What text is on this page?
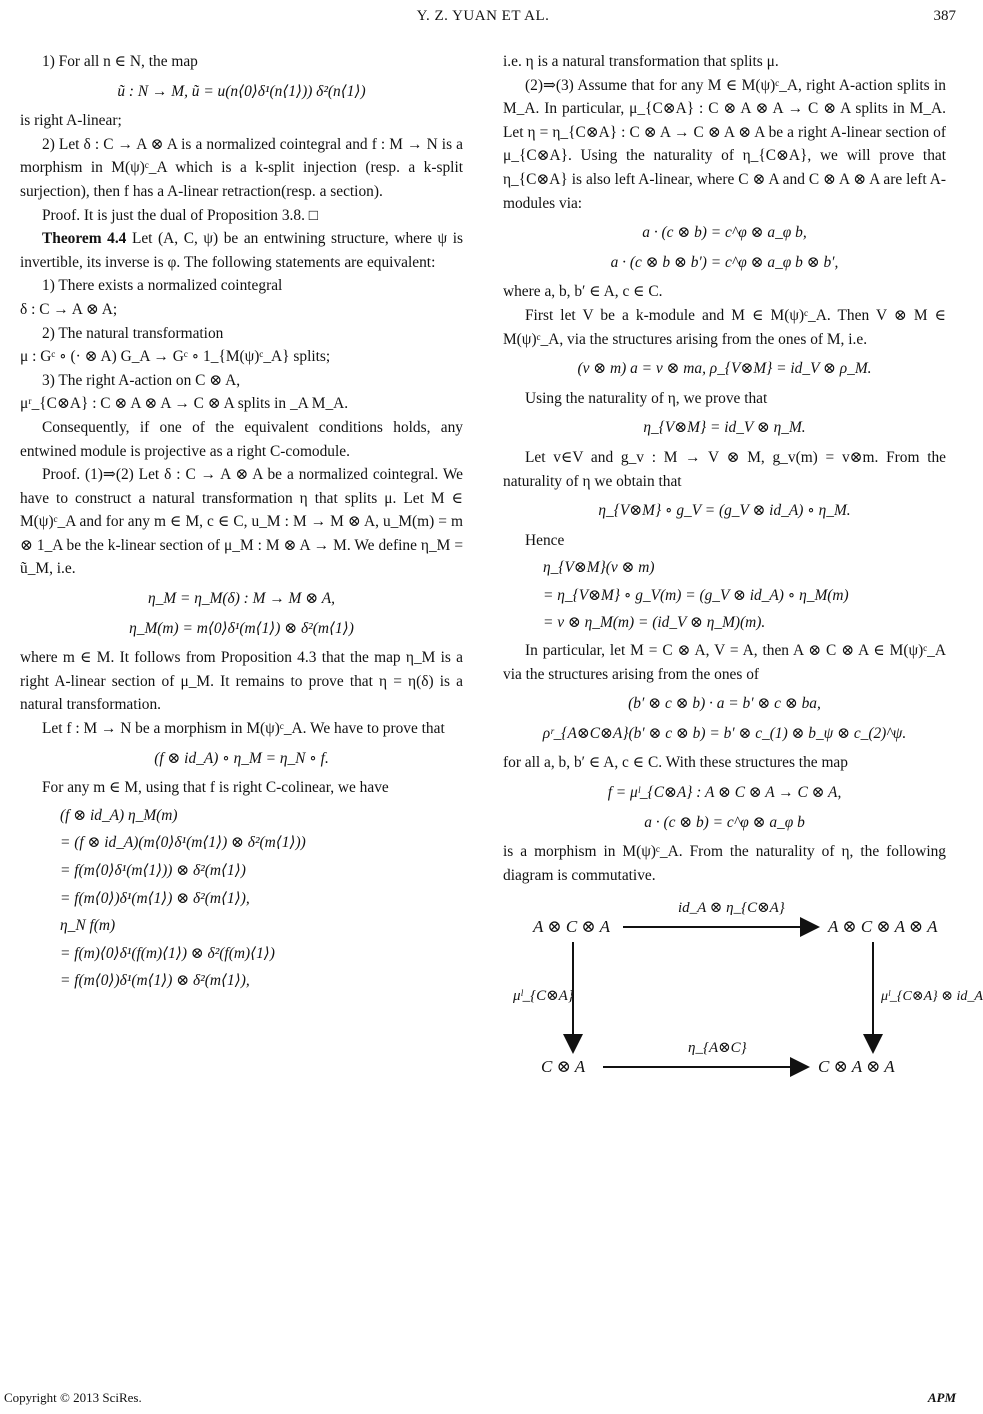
Y. Z. YUAN ET AL.	387

1) For all n ∈ N, the map

ũ : N → M, ũ = u(n⟨0⟩δ¹(n⟨1⟩)) δ²(n⟨1⟩)

is right A-linear;

2) Let δ : C → A ⊗ A is a normalized cointegral and f : M → N is a morphism in M(ψ)ᶜ_A which is a k-split injection (resp. a k-split surjection), then f has a A-linear retraction(resp. a section).

Proof. It is just the dual of Proposition 3.8. □

Theorem 4.4 Let (A, C, ψ) be an entwining structure, where ψ is invertible, its inverse is φ. The following statements are equivalent:

1) There exists a normalized cointegral

δ : C → A ⊗ A;

2) The natural transformation

μ : Gᶜ ∘ (· ⊗ A) G_A → Gᶜ ∘ 1_{M(ψ)ᶜ_A} splits;

3) The right A-action on C ⊗ A,

μʳ_{C⊗A} : C ⊗ A ⊗ A → C ⊗ A splits in _A M_A.

Consequently, if one of the equivalent conditions holds, any entwined module is projective as a right C-comodule.

Proof. (1)⇒(2) Let δ : C → A ⊗ A be a normalized cointegral. We have to construct a natural transformation η that splits μ. Let M ∈ M(ψ)ᶜ_A and for any m ∈ M, c ∈ C, u_M : M → M ⊗ A, u_M(m) = m ⊗ 1_A be the k-linear section of μ_M : M ⊗ A → M. We define η_M = ũ_M, i.e.

η_M = η_M(δ) : M → M ⊗ A,

η_M(m) = m⟨0⟩δ¹(m⟨1⟩) ⊗ δ²(m⟨1⟩)

where m ∈ M. It follows from Proposition 4.3 that the map η_M is a right A-linear section of μ_M. It remains to prove that η = η(δ) is a natural transformation.

Let f : M → N be a morphism in M(ψ)ᶜ_A. We have to prove that

(f ⊗ id_A) ∘ η_M = η_N ∘ f.

For any m ∈ M, using that f is right C-colinear, we have

(f ⊗ id_A) η_M(m)

= (f ⊗ id_A)(m⟨0⟩δ¹(m⟨1⟩) ⊗ δ²(m⟨1⟩))

= f(m⟨0⟩δ¹(m⟨1⟩)) ⊗ δ²(m⟨1⟩)

= f(m⟨0⟩)δ¹(m⟨1⟩) ⊗ δ²(m⟨1⟩),

η_N f(m)

= f(m)⟨0⟩δ¹(f(m)⟨1⟩) ⊗ δ²(f(m)⟨1⟩)

= f(m⟨0⟩)δ¹(m⟨1⟩) ⊗ δ²(m⟨1⟩),

i.e. η is a natural transformation that splits μ.

(2)⇒(3) Assume that for any M ∈ M(ψ)ᶜ_A, right A-action splits in M_A. In particular, μ_{C⊗A} : C ⊗ A ⊗ A → C ⊗ A splits in M_A. Let η = η_{C⊗A} : C ⊗ A → C ⊗ A ⊗ A be a right A-linear section of μ_{C⊗A}. Using the naturality of η_{C⊗A}, we will prove that η_{C⊗A} is also left A-linear, where C ⊗ A and C ⊗ A ⊗ A are left A-modules via:

a · (c ⊗ b) = c^φ ⊗ a_φ b,

a · (c ⊗ b ⊗ b′) = c^φ ⊗ a_φ b ⊗ b′,

where a, b, b′ ∈ A, c ∈ C.

First let V be a k-module and M ∈ M(ψ)ᶜ_A. Then V ⊗ M ∈ M(ψ)ᶜ_A, via the structures arising from the ones of M, i.e.

(v ⊗ m) a = v ⊗ ma, ρ_{V⊗M} = id_V ⊗ ρ_M.

Using the naturality of η, we prove that

η_{V⊗M} = id_V ⊗ η_M.

Let v∈V and g_v : M → V ⊗ M, g_v(m) = v⊗m. From the naturality of η we obtain that

η_{V⊗M} ∘ g_V = (g_V ⊗ id_A) ∘ η_M.

Hence

η_{V⊗M}(v ⊗ m)

= η_{V⊗M} ∘ g_V(m) = (g_V ⊗ id_A) ∘ η_M(m)

= v ⊗ η_M(m) = (id_V ⊗ η_M)(m).

In particular, let M = C ⊗ A, V = A, then A ⊗ C ⊗ A ∈ M(ψ)ᶜ_A via the structures arising from the ones of

(b′ ⊗ c ⊗ b) · a = b′ ⊗ c ⊗ ba,

ρʳ_{A⊗C⊗A}(b′ ⊗ c ⊗ b) = b′ ⊗ c_(1) ⊗ b_ψ ⊗ c_(2)^ψ.

for all a, b, b′ ∈ A, c ∈ C. With these structures the map

f = μˡ_{C⊗A} : A ⊗ C ⊗ A → C ⊗ A,

a · (c ⊗ b) = c^φ ⊗ a_φ b

is a morphism in M(ψ)ᶜ_A. From the naturality of η, the following diagram is commutative.

A ⊗ C ⊗ A	A ⊗ C ⊗ A ⊗ A
C ⊗ A	C ⊗ A ⊗ A
id_A ⊗ η_{C⊗A}
η_{A⊗C}
μˡ_{C⊗A}	μˡ_{C⊗A} ⊗ id_A
Copyright © 2013 SciRes.	APM
